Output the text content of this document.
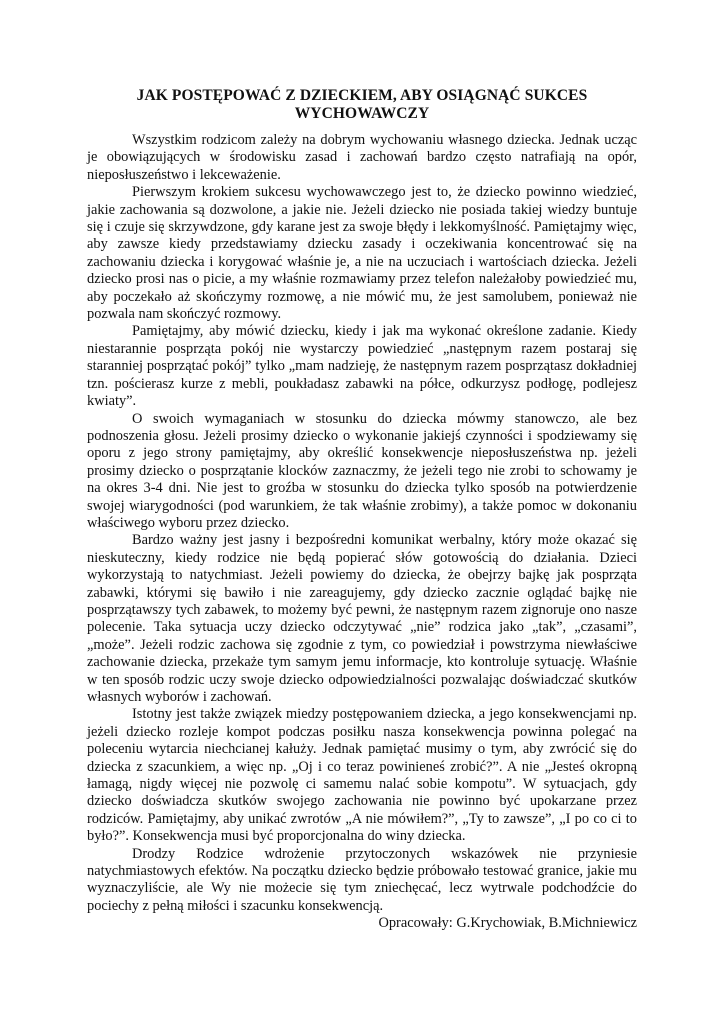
JAK POSTĘPOWAĆ Z DZIECKIEM, ABY OSIĄGNĄĆ SUKCES WYCHOWAWCZY

Wszystkim rodzicom zależy na dobrym wychowaniu własnego dziecka. Jednak ucząc je obowiązujących w środowisku zasad i zachowań bardzo często natrafiają na opór, nieposłuszeństwo i lekceważenie.

Pierwszym krokiem sukcesu wychowawczego jest to, że dziecko powinno wiedzieć, jakie zachowania są dozwolone, a jakie nie. Jeżeli dziecko nie posiada takiej wiedzy buntuje się i czuje się skrzywdzone, gdy karane jest za swoje błędy i lekkomyślność. Pamiętajmy więc, aby zawsze kiedy przedstawiamy dziecku zasady i oczekiwania koncentrować się na zachowaniu dziecka i korygować właśnie je, a nie na uczuciach i wartościach dziecka. Jeżeli dziecko prosi nas o picie, a my właśnie rozmawiamy przez telefon należałoby powiedzieć mu, aby poczekało aż skończymy rozmowę, a nie mówić mu, że jest samolubem, ponieważ nie pozwala nam skończyć rozmowy.

Pamiętajmy, aby mówić dziecku, kiedy i jak ma wykonać określone zadanie. Kiedy niestarannie posprząta pokój nie wystarczy powiedzieć „następnym razem postaraj się staranniej posprzątać pokój” tylko „mam nadzieję, że następnym razem posprzątasz dokładniej tzn. pościerasz kurze z mebli, poukładasz zabawki na półce, odkurzysz podłogę, podlejesz kwiaty”.

O swoich wymaganiach w stosunku do dziecka mówmy stanowczo, ale bez podnoszenia głosu. Jeżeli prosimy dziecko o wykonanie jakiejś czynności i spodziewamy się oporu z jego strony pamiętajmy, aby określić konsekwencje nieposłuszeństwa np. jeżeli prosimy dziecko o posprzątanie klocków zaznaczmy, że jeżeli tego nie zrobi to schowamy je na okres 3-4 dni. Nie jest to groźba w stosunku do dziecka tylko sposób na potwierdzenie swojej wiarygodności (pod warunkiem, że tak właśnie zrobimy), a także pomoc w dokonaniu właściwego wyboru przez dziecko.

Bardzo ważny jest jasny i bezpośredni komunikat werbalny, który może okazać się nieskuteczny, kiedy rodzice nie będą popierać słów gotowością do działania. Dzieci wykorzystają to natychmiast. Jeżeli powiemy do dziecka, że obejrzy bajkę jak posprząta zabawki, którymi się bawiło i nie zareagujemy, gdy dziecko zacznie oglądać bajkę nie posprzątawszy tych zabawek, to możemy być pewni, że następnym razem zignoruje ono nasze polecenie. Taka sytuacja uczy dziecko odczytywać „nie” rodzica jako „tak”, „czasami”, „może”. Jeżeli rodzic zachowa się zgodnie z tym, co powiedział i powstrzyma niewłaściwe zachowanie dziecka, przekaże tym samym jemu informacje, kto kontroluje sytuację. Właśnie w ten sposób rodzic uczy swoje dziecko odpowiedzialności pozwalając doświadczać skutków własnych wyborów i zachowań.

Istotny jest także związek miedzy postępowaniem dziecka, a jego konsekwencjami np. jeżeli dziecko rozleje kompot podczas posiłku nasza konsekwencja powinna polegać na poleceniu wytarcia niechcianej kałuży. Jednak pamiętać musimy o tym, aby zwrócić się do dziecka z szacunkiem, a więc np. „Oj i co teraz powinieneś zrobić?”. A nie „Jesteś okropną łamagą, nigdy więcej nie pozwolę ci samemu nalać sobie kompotu”. W sytuacjach, gdy dziecko doświadcza skutków swojego zachowania nie powinno być upokarzane przez rodziców. Pamiętajmy, aby unikać zwrotów „A nie mówiłem?”, „Ty to zawsze”, „I po co ci to było?”. Konsekwencja musi być proporcjonalna do winy dziecka.

Drodzy Rodzice wdrożenie przytoczonych wskazówek nie przyniesie natychmiastowych efektów. Na początku dziecko będzie próbowało testować granice, jakie mu wyznaczyliście, ale Wy nie możecie się tym zniechęcać, lecz wytrwale podchodźcie do pociechy z pełną miłości i szacunku konsekwencją.

Opracowały: G.Krychowiak, B.Michniewicz
